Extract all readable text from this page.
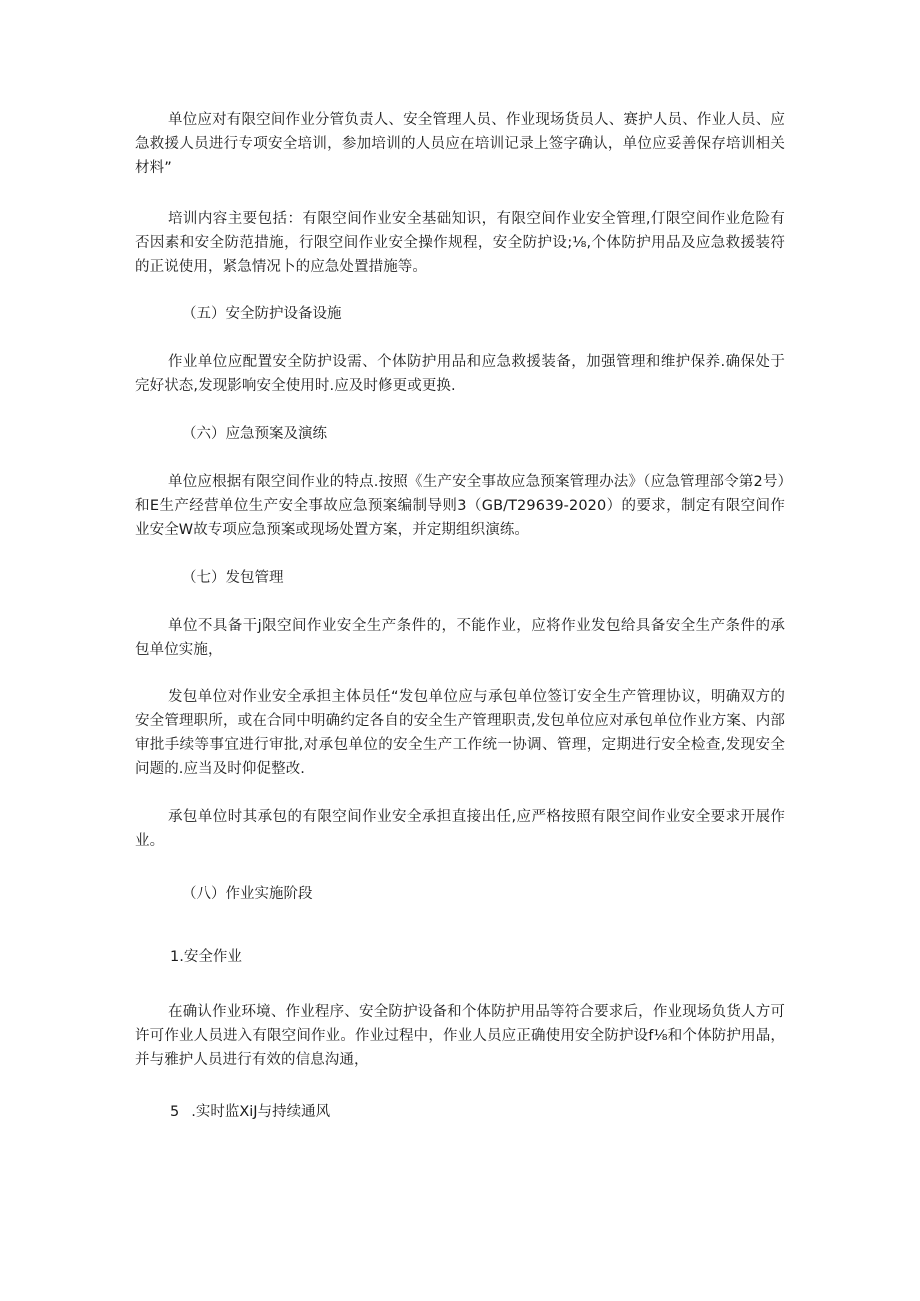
单位应对有限空间作业分管负责人、安全管理人员、作业现场货员人、赛护人员、作业人员、应急救援人员进行专项安全培训，参加培训的人员应在培训记录上签字确认，单位应妥善保存培训相关材料”

培训内容主要包括：有限空间作业安全基础知识，有限空间作业安全管理,仃限空间作业危险有否因素和安全防范措施，行限空间作业安全操作规程，安全防护设;⅛,个体防护用品及应急救援装符的正说使用，紧急情况卜的应急处置措施等。

（五）安全防护设备设施

作业单位应配置安全防护设需、个体防护用品和应急救援装备，加强管理和维护保养.确保处于完好状态,发现影响安全使用时.应及时修更或更换.

（六）应急预案及演练

单位应根据有限空间作业的特点.按照《生产安全事故应急预案管理办法》（应急管理部令第2号）和E生产经营单位生产安全事故应急预案编制导则3（GB/T29639-2020）的要求，制定有限空间作业安全W故专项应急预案或现场处置方案，并定期组织演练。

（七）发包管理

单位不具备干j限空间作业安全生产条件的，不能作业，应将作业发包给具备安全生产条件的承包单位实施，

发包单位对作业安全承担主体员任“发包单位应与承包单位签订安全生产管理协议，明确双方的安全管理职所，或在合同中明确约定各自的安全生产管理职责,发包单位应对承包单位作业方案、内部审批手续等事宜进行审批,对承包单位的安全生产工作统一协调、管理，定期进行安全检查,发现安全问题的.应当及时仰促整改.

承包单位时其承包的有限空间作业安全承担直接出任,应严格按照有限空间作业安全要求开展作业。

（八）作业实施阶段

1.安全作业

在确认作业环境、作业程序、安全防护设备和个体防护用品等符合要求后，作业现场负货人方可许可作业人员进入有限空间作业。作业过程中，作业人员应正确使用安全防护设f⅛和个体防护用晶，并与雅护人员进行有效的信息沟通，

5 .实时监XiJ与持续通风
